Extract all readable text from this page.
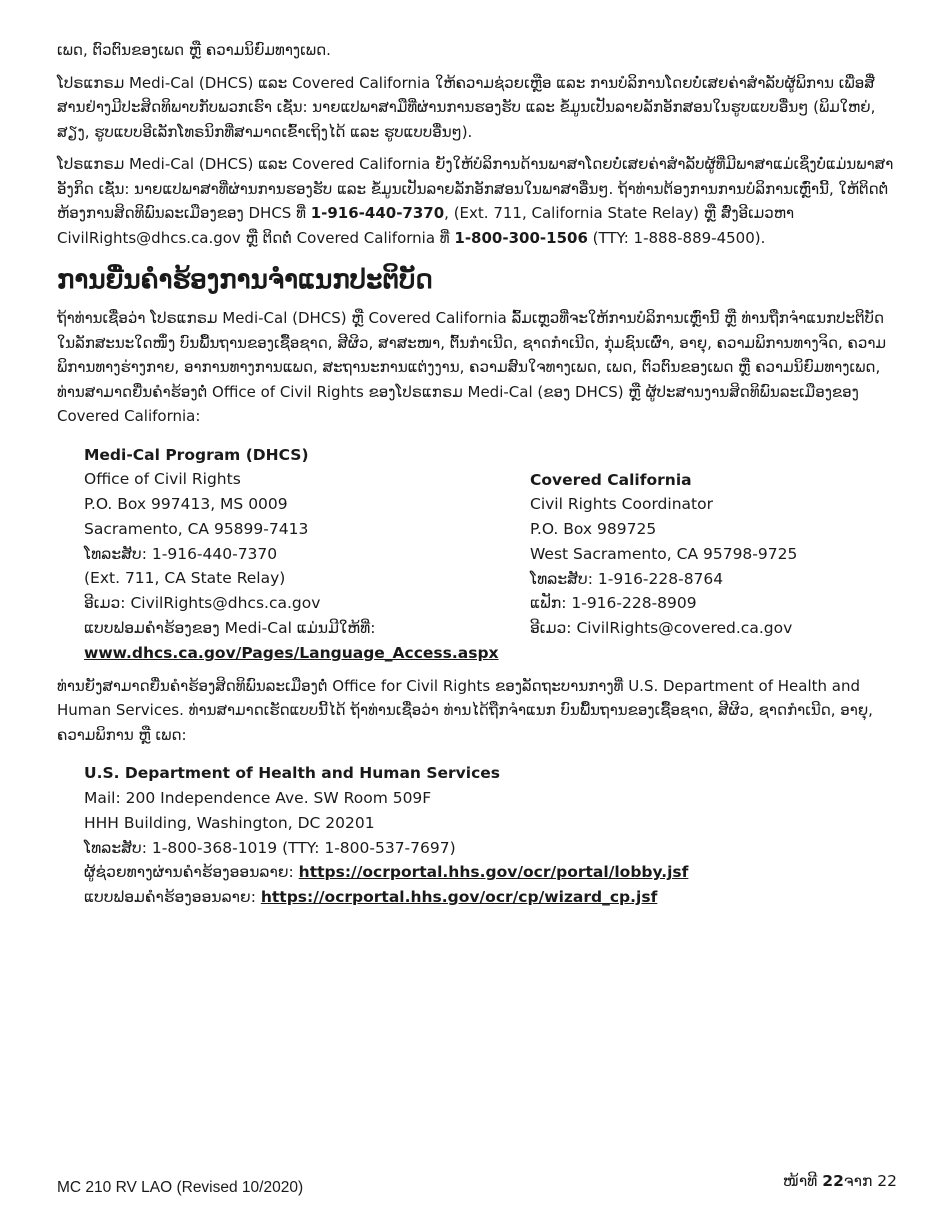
ເພດ, ຕົວຕົນຂອງເພດ ຫຼື ຄວາມນິຍົມທາງເພດ.

ໂປຣແກຣມ Medi-Cal (DHCS) ແລະ Covered California ໃຫ້ຄວາມຊ່ວຍເຫຼືອ ແລະ ການບໍລິການໂດຍບໍ່ເສຍຄ່າສຳລັບຜູ້ພິການ ເພື່ອສື່ສານຢ່າງມີປະສິດທິພາບກັບພວກເຮົາ ເຊັ່ນ: ນາຍແປພາສາມືທີ່ຜ່ານການຮອງຮັບ ແລະ ຂໍ້ມູນເປັນລາຍລັກອັກສອນໃນຮູບແບບອື່ນໆ (ພິມໃຫຍ່, ສຽງ, ຮູບແບບອີເລັກໂທຣນິກທີ່ສາມາດເຂົ້າເຖິງໄດ້ ແລະ ຮູບແບບອື່ນໆ).

ໂປຣແກຣມ Medi-Cal (DHCS) ແລະ Covered California ຍັງໃຫ້ບໍລິການດ້ານພາສາໂດຍບໍ່ເສຍຄ່າສຳລັບຜູ້ທີ່ມີພາສາແມ່ເຊິ່ງບໍ່ແມ່ນພາສາອັງກິດ ເຊັ່ນ: ນາຍແປພາສາທີ່ຜ່ານການຮອງຮັບ ແລະ ຂໍ້ມູນເປັນລາຍລັກອັກສອນໃນພາສາອື່ນໆ. ຖ້າທ່ານຕ້ອງການການບໍລິການເຫຼົ່ານີ້, ໃຫ້ຕິດຕໍ່ຫ້ອງການສິດທິພົນລະເມືອງຂອງ DHCS ທີ່ 1-916-440-7370, (Ext. 711, California State Relay) ຫຼື ສົ່ງອີເມວຫາ CivilRights@dhcs.ca.gov ຫຼື ຕິດຕໍ່ Covered California ທີ່ 1-800-300-1506 (TTY: 1-888-889-4500).

ການຍື່ນຄຳຮ້ອງການຈຳແນກປະຕິບັດ

ຖ້າທ່ານເຊື່ອວ່າ ໂປຣແກຣມ Medi-Cal (DHCS) ຫຼື Covered California ລົ້ມເຫຼວທີ່ຈະໃຫ້ການບໍລິການເຫຼົ່ານີ້ ຫຼື ທ່ານຖືກຈຳແນກປະຕິບັດໃນລັກສະນະໃດໜຶ່ງ ບົນພື້ນຖານຂອງເຊື້ອຊາດ, ສີຜິວ, ສາສະໜາ, ຕົ້ນກຳເນີດ, ຊາດກຳເນີດ, ກຸ່ມຊົນເຜົ່າ, ອາຍຸ, ຄວາມພິການທາງຈິດ, ຄວາມພິການທາງຮ່າງກາຍ, ອາການທາງການແພດ, ສະຖານະການແຕ່ງງານ, ຄວາມສົນໃຈທາງເພດ, ເພດ, ຕົວຕົນຂອງເພດ ຫຼື ຄວາມນິຍົມທາງເພດ, ທ່ານສາມາດຍື່ນຄຳຮ້ອງຕໍ່ Office of Civil Rights ຂອງໂປຣແກຣມ Medi-Cal (ຂອງ DHCS) ຫຼື ຜູ້ປະສານງານສິດທິພົນລະເມືອງຂອງ Covered California:

Medi-Cal Program (DHCS)
Office of Civil Rights
P.O. Box 997413, MS 0009
Sacramento, CA 95899-7413
ໂທລະສັບ: 1-916-440-7370
(Ext. 711, CA State Relay)
ອີເມວ: CivilRights@dhcs.ca.gov
ແບບຟອມຄຳຮ້ອງຂອງ Medi-Cal ແມ່ນມີໃຫ້ທີ່:
www.dhcs.ca.gov/Pages/Language_Access.aspx
Covered California
Civil Rights Coordinator
P.O. Box 989725
West Sacramento, CA 95798-9725
ໂທລະສັບ: 1-916-228-8764
ແຟັກ: 1-916-228-8909
ອີເມວ: CivilRights@covered.ca.gov

ທ່ານຍັງສາມາດຍື່ນຄຳຮ້ອງສິດທິພົນລະເມືອງຕໍ່ Office for Civil Rights ຂອງລັດຖະບານກາງທີ່ U.S. Department of Health and Human Services. ທ່ານສາມາດເຮັດແບບນີ້ໄດ້ ຖ້າທ່ານເຊື່ອວ່າ ທ່ານໄດ້ຖືກຈຳແນກ ບົນພື້ນຖານຂອງເຊື້ອຊາດ, ສີຜິວ, ຊາດກຳເນີດ, ອາຍຸ, ຄວາມພິການ ຫຼື ເພດ:

U.S. Department of Health and Human Services
Mail: 200 Independence Ave. SW Room 509F
HHH Building, Washington, DC 20201
ໂທລະສັບ: 1-800-368-1019 (TTY: 1-800-537-7697)
ຜູ້ຊ່ວຍທາງຜ່ານຄຳຮ້ອງອອນລາຍ: https://ocrportal.hhs.gov/ocr/portal/lobby.jsf
ແບບຟອມຄຳຮ້ອງອອນລາຍ: https://ocrportal.hhs.gov/ocr/cp/wizard_cp.jsf
MC 210 RV LAO (Revised 10/2020)	ໜ້າທີ 22ຈາກ 22
